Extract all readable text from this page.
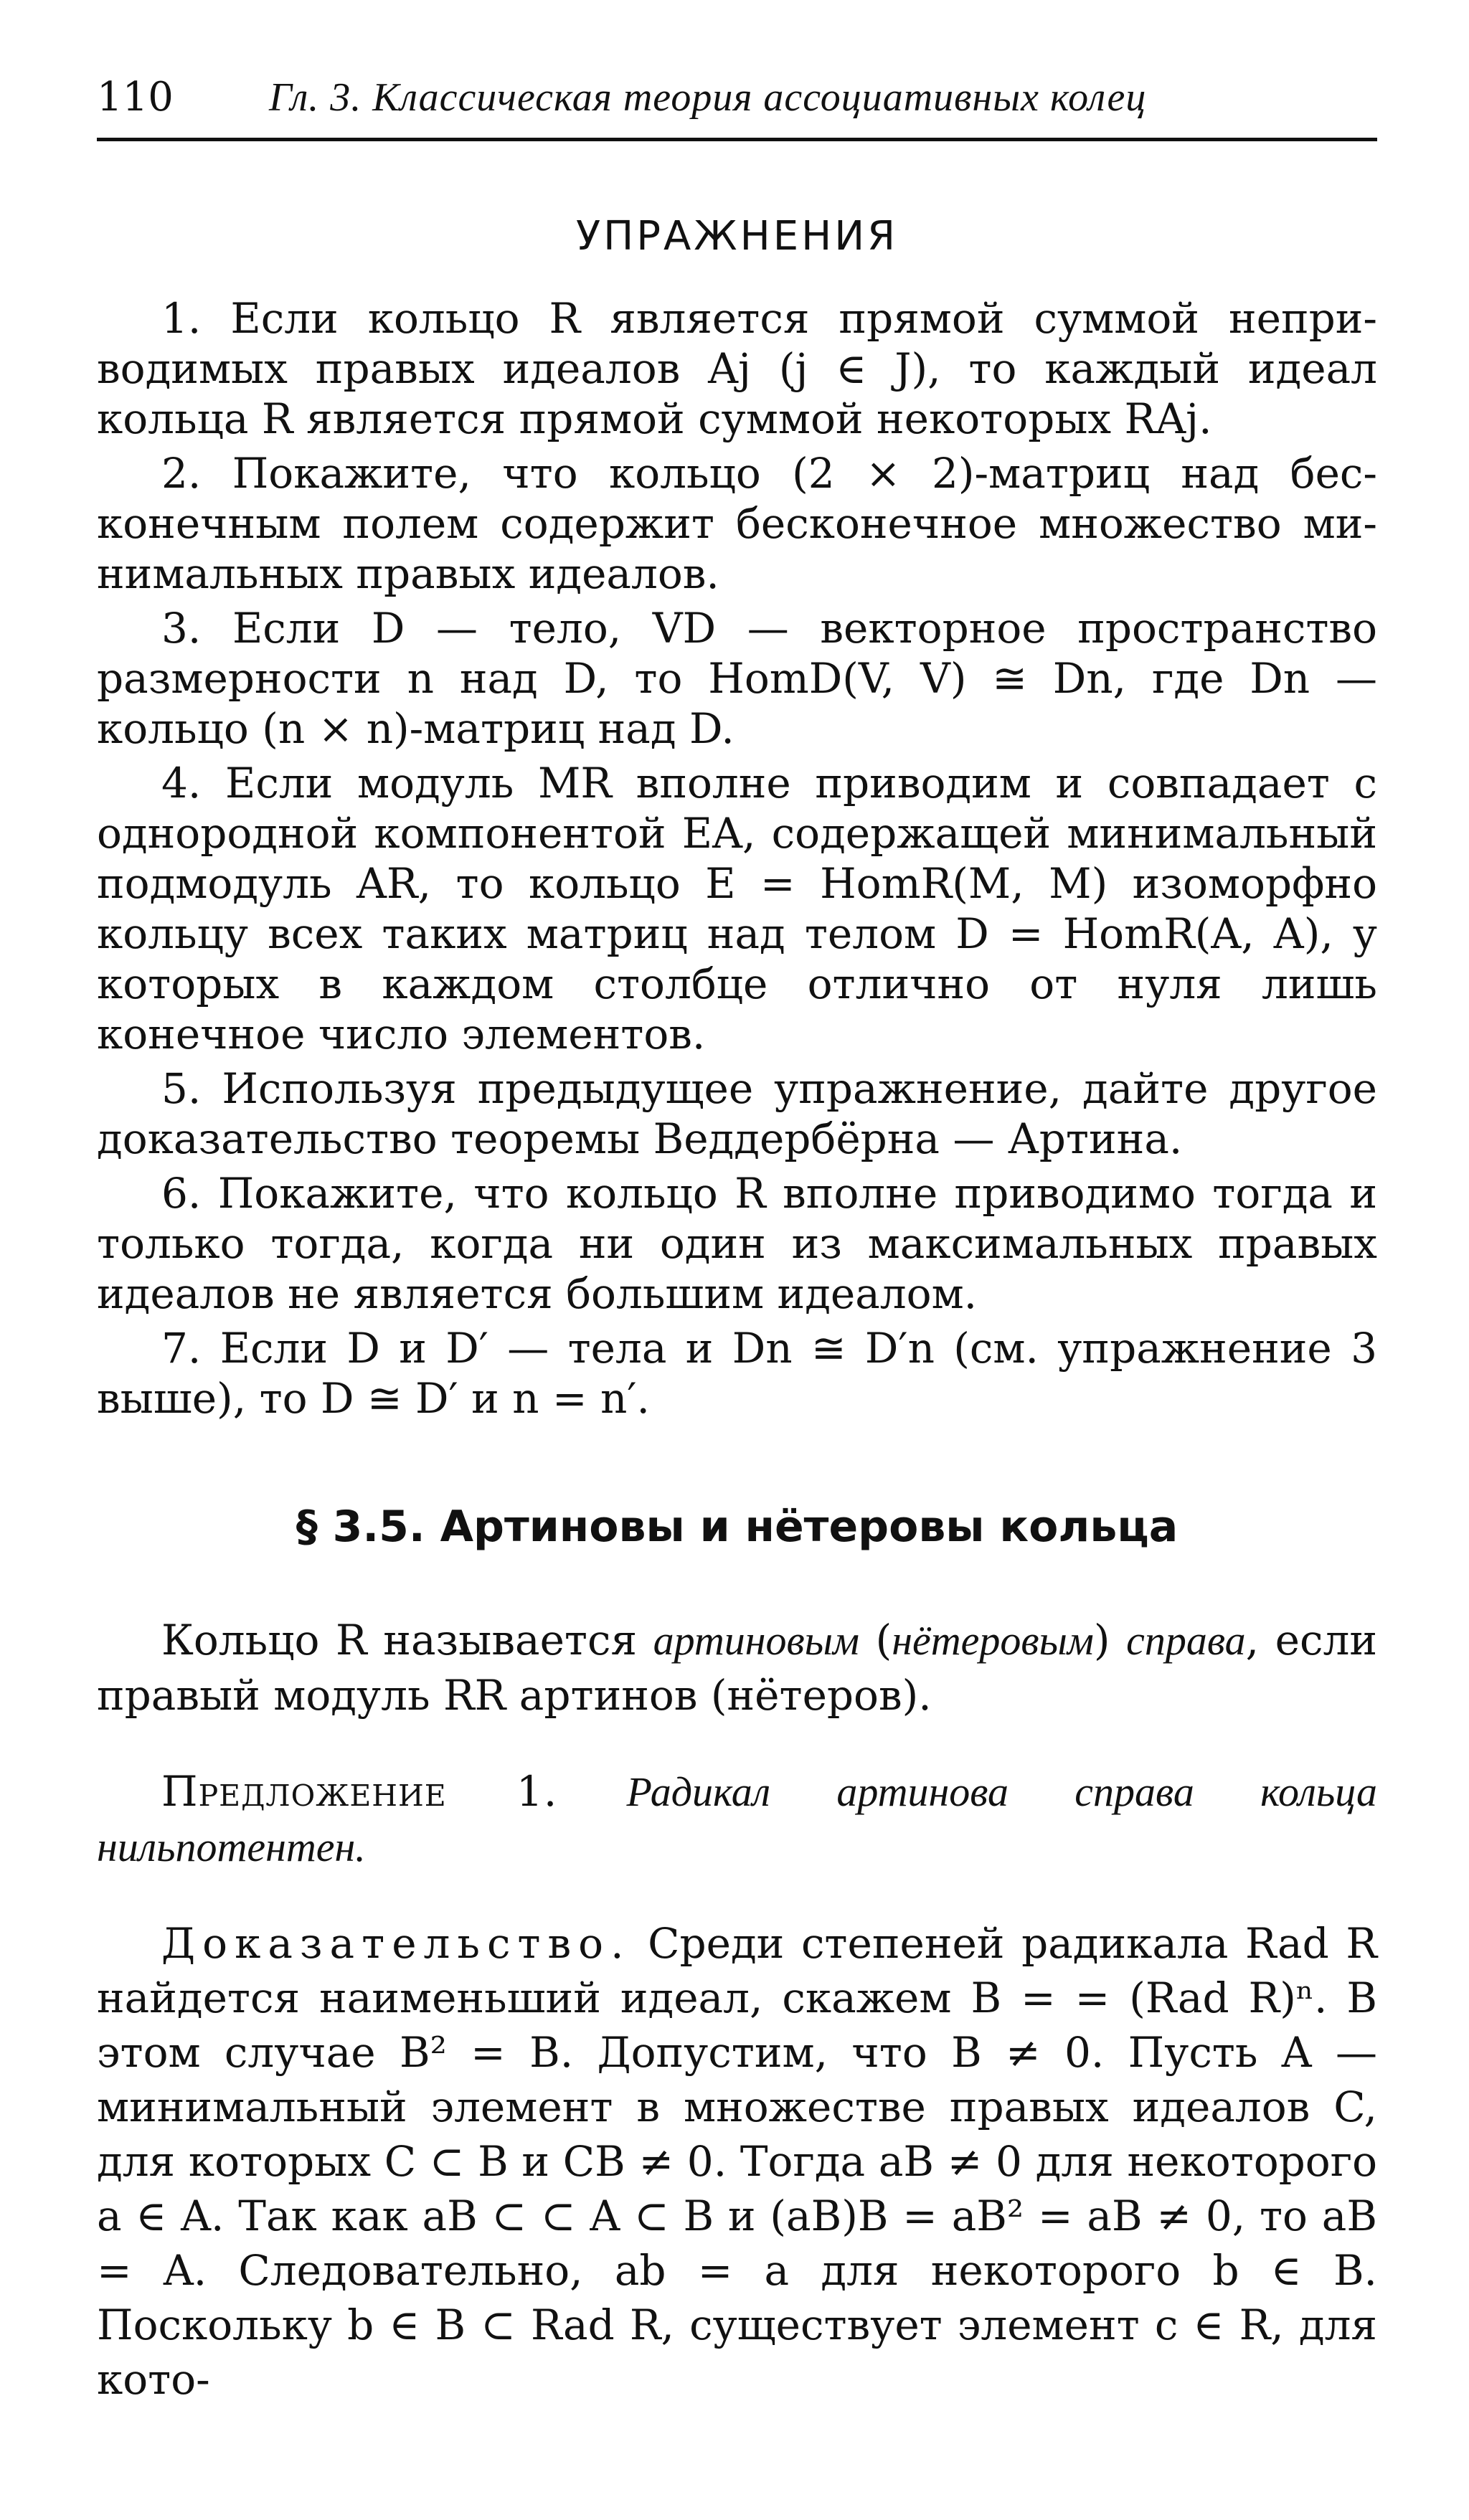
110	Гл. 3. Классическая теория ассоциативных колец
УПРАЖНЕНИЯ

1. Если кольцо R является прямой суммой неприводимых правых идеалов Aj (j ∈ J), то каждый идеал кольца R является прямой суммой некоторых RAj.

2. Покажите, что кольцо (2 × 2)-матриц над бесконечным полем содержит бесконечное множество минимальных правых идеалов.

3. Если D — тело, VD — векторное пространство размерности n над D, то HomD(V, V) ≅ Dn, где Dn — кольцо (n × n)-матриц над D.

4. Если модуль MR вполне приводим и совпадает с однородной компонентой EA, содержащей минимальный подмодуль AR, то кольцо E = HomR(M, M) изоморфно кольцу всех таких матриц над телом D = HomR(A, A), у которых в каждом столбце отлично от нуля лишь конечное число элементов.

5. Используя предыдущее упражнение, дайте другое доказательство теоремы Веддербёрна — Артина.

6. Покажите, что кольцо R вполне приводимо тогда и только тогда, когда ни один из максимальных правых идеалов не является большим идеалом.

7. Если D и D′ — тела и Dn ≅ D′n (см. упражнение 3 выше), то D ≅ D′ и n = n′.

§ 3.5. Артиновы и нётеровы кольца

Кольцо R называется артиновым (нётеровым) справа, если правый модуль RR артинов (нётеров).

Предложение 1. Радикал артинова справа кольца нильпотентен.

Доказательство. Среди степеней радикала Rad R найдется наименьший идеал, скажем B = = (Rad R)ⁿ. В этом случае B² = B. Допустим, что B ≠ 0. Пусть A — минимальный элемент в множестве правых идеалов C, для которых C ⊂ B и CB ≠ 0. Тогда aB ≠ 0 для некоторого a ∈ A. Так как aB ⊂ ⊂ A ⊂ B и (aB)B = aB² = aB ≠ 0, то aB = A. Следовательно, ab = a для некоторого b ∈ B. Поскольку b ∈ B ⊂ Rad R, существует элемент c ∈ R, для кото-
